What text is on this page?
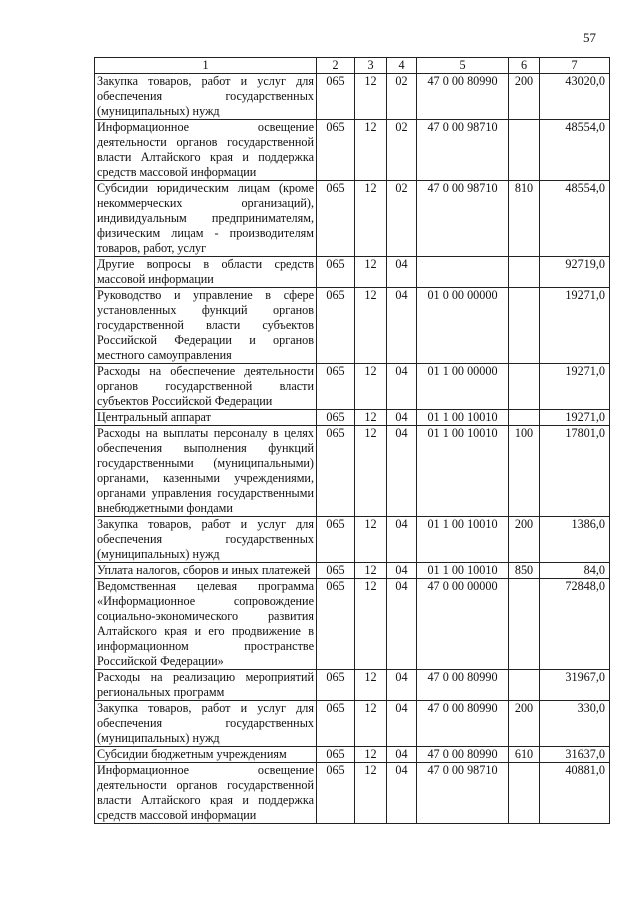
57
1	2	3	4	5	6	7
Закупка товаров, работ и услуг для обеспечения государственных (муниципальных) нужд	065	12	02	47 0 00 80990	200	43020,0
Информационное освещение деятельности органов государственной власти Алтайского края и поддержка средств массовой информации	065	12	02	47 0 00 98710		48554,0
Субсидии юридическим лицам (кроме некоммерческих организаций), индивидуальным предпринимателям, физическим лицам - производителям товаров, работ, услуг	065	12	02	47 0 00 98710	810	48554,0
Другие вопросы в области средств массовой информации	065	12	04			92719,0
Руководство и управление в сфере установленных функций органов государственной власти субъектов Российской Федерации и органов местного самоуправления	065	12	04	01 0 00 00000		19271,0
Расходы на обеспечение деятельности органов государственной власти субъектов Российской Федерации	065	12	04	01 1 00 00000		19271,0
Центральный аппарат	065	12	04	01 1 00 10010		19271,0
Расходы на выплаты персоналу в целях обеспечения выполнения функций государственными (муниципальными) органами, казенными учреждениями, органами управления государственными внебюджетными фондами	065	12	04	01 1 00 10010	100	17801,0
Закупка товаров, работ и услуг для обеспечения государственных (муниципальных) нужд	065	12	04	01 1 00 10010	200	1386,0
Уплата налогов, сборов и иных платежей	065	12	04	01 1 00 10010	850	84,0
Ведомственная целевая программа «Информационное сопровождение социально-экономического развития Алтайского края и его продвижение в информационном пространстве Российской Федерации»	065	12	04	47 0 00 00000		72848,0
Расходы на реализацию мероприятий региональных программ	065	12	04	47 0 00 80990		31967,0
Закупка товаров, работ и услуг для обеспечения государственных (муниципальных) нужд	065	12	04	47 0 00 80990	200	330,0
Субсидии бюджетным учреждениям	065	12	04	47 0 00 80990	610	31637,0
Информационное освещение деятельности органов государственной власти Алтайского края и поддержка средств массовой информации	065	12	04	47 0 00 98710		40881,0
